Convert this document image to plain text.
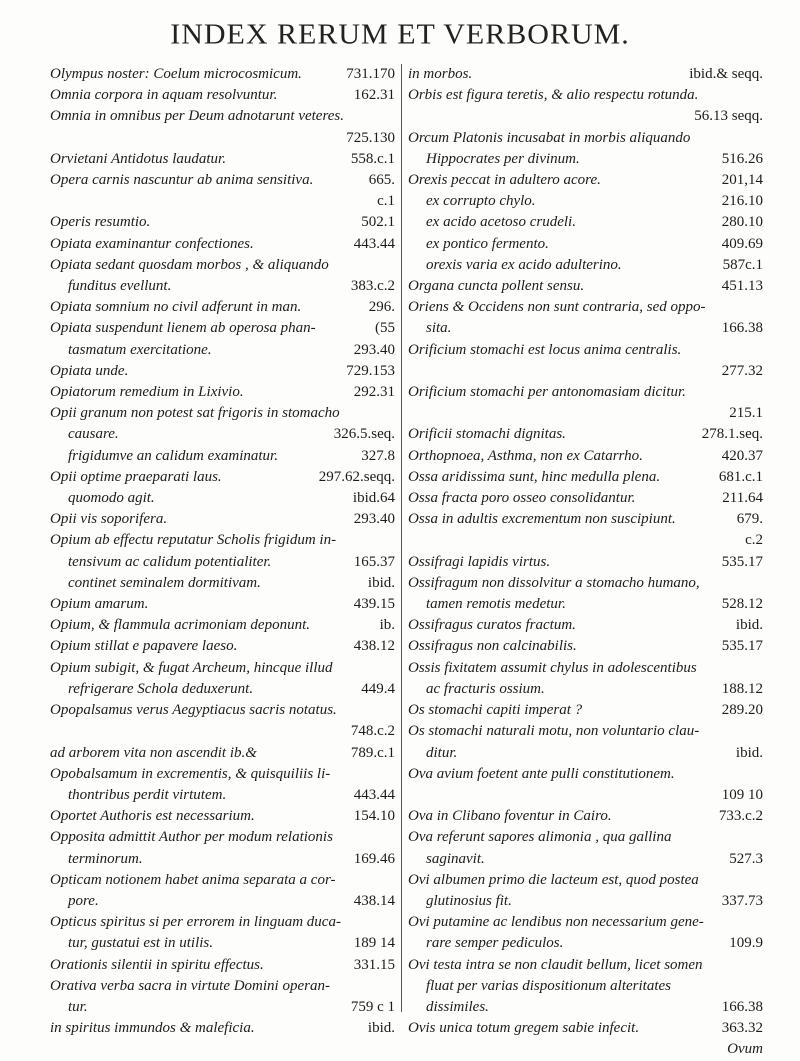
INDEX RERUM ET VERBORUM.
Olympus noster: Coelum microcosmicum.	731.170
Omnia corpora in aquam resolvuntur.	162.31
Omnia in omnibus per Deum adnotarunt veteres.
725.130
Orvietani Antidotus laudatur.	558.c.1
Opera carnis nascuntur ab anima sensitiva.	665.
c.1
Operis resumtio.	502.1
Opiata examinantur confectiones.	443.44
Opiata sedant quosdam morbos , & aliquando
funditus evellunt.	383.c.2
Opiata somnium no civil adferunt in man.	296.
Opiata suspendunt lienem ab operosa phan-	(55
tasmatum exercitatione.	293.40
Opiata unde.	729.153
Opiatorum remedium in Lixivio.	292.31
Opii granum non potest sat frigoris in stomacho
causare.	326.5.seq.
frigidumve an calidum examinatur.	327.8
Opii optime praeparati laus.	297.62.seqq.
quomodo agit.	ibid.64
Opii vis soporifera.	293.40
Opium ab effectu reputatur Scholis frigidum in-
tensivum ac calidum potentialiter.	165.37
continet seminalem dormitivam.	ibid.
Opium amarum.	439.15
Opium, & flammula acrimoniam deponunt.	ib.
Opium stillat e papavere laeso.	438.12
Opium subigit, & fugat Archeum, hincque illud
refrigerare Schola deduxerunt.	449.4
Opopalsamus verus Aegyptiacus sacris notatus.
748.c.2
ad arborem vita non ascendit ib.&	789.c.1
Opobalsamum in excrementis, & quisquiliis li-
thontribus perdit virtutem.	443.44
Oportet Authoris est necessarium.	154.10
Opposita admittit Author per modum relationis
terminorum.	169.46
Opticam notionem habet anima separata a cor-
pore.	438.14
Opticus spiritus si per errorem in linguam duca-
tur, gustatui est in utilis.	189 14
Orationis silentii in spiritu effectus.	331.15
Orativa verba sacra in virtute Domini operan-
tur.	759 c 1
in spiritus immundos & maleficia.	ibid.
in morbos.	ibid.& seqq.
Orbis est figura teretis, & alio respectu rotunda.
56.13 seqq.
Orcum Platonis incusabat in morbis aliquando
Hippocrates per divinum.	516.26
Orexis peccat in adultero acore.	201,14
ex corrupto chylo.	216.10
ex acido acetoso crudeli.	280.10
ex pontico fermento.	409.69
orexis varia ex acido adulterino.	587c.1
Organa cuncta pollent sensu.	451.13
Oriens & Occidens non sunt contraria, sed oppo-
sita.	166.38
Orificium stomachi est locus anima centralis.
277.32
Orificium stomachi per antonomasiam dicitur.
215.1
Orificii stomachi dignitas.	278.1.seq.
Orthopnoea, Asthma, non ex Catarrho.	420.37
Ossa aridissima sunt, hinc medulla plena.	681.c.1
Ossa fracta poro osseo consolidantur.	211.64
Ossa in adultis excrementum non suscipiunt.	679.
c.2
Ossifragi lapidis virtus.	535.17
Ossifragum non dissolvitur a stomacho humano,
tamen remotis medetur.	528.12
Ossifragus curatos fractum.	ibid.
Ossifragus non calcinabilis.	535.17
Ossis fixitatem assumit chylus in adolescentibus
ac fracturis ossium.	188.12
Os stomachi capiti imperat ?	289.20
Os stomachi naturali motu, non voluntario clau-
ditur.	ibid.
Ova avium foetent ante pulli constitutionem.
109 10
Ova in Clibano foventur in Cairo.	733.c.2
Ova referunt sapores alimonia , qua gallina
saginavit.	527.3
Ovi albumen primo die lacteum est, quod postea
glutinosius fit.	337.73
Ovi putamine ac lendibus non necessarium gene-
rare semper pediculos.	109.9
Ovi testa intra se non claudit bellum, licet somen
fluat per varias dispositionum alteritates
dissimiles.	166.38
Ovis unica totum gregem sabie infecit.	363.32
Ovum
